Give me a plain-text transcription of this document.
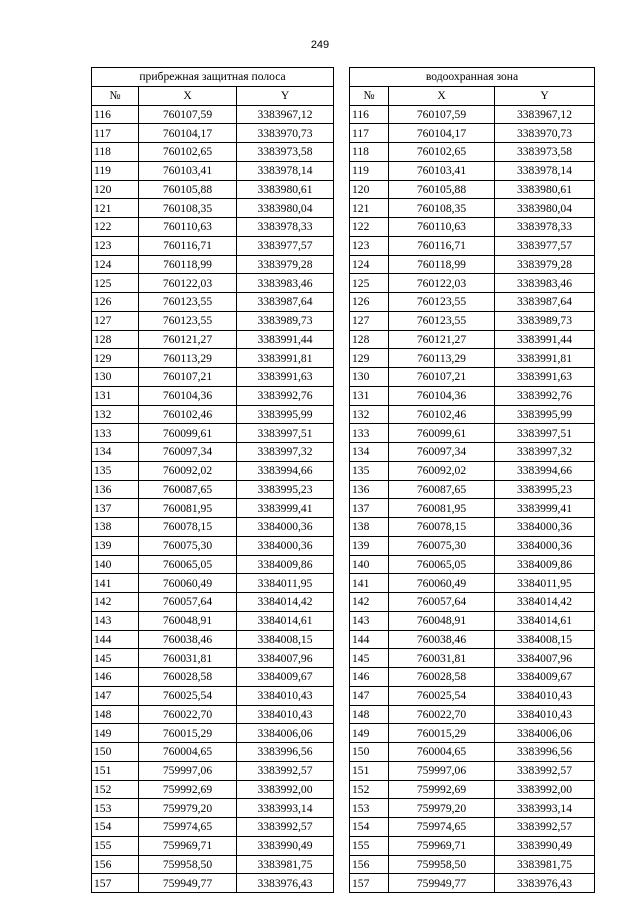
249
прибрежная защитная полоса		
№	X	Y
116	760107,59	3383967,12
117	760104,17	3383970,73
118	760102,65	3383973,58
119	760103,41	3383978,14
120	760105,88	3383980,61
121	760108,35	3383980,04
122	760110,63	3383978,33
123	760116,71	3383977,57
124	760118,99	3383979,28
125	760122,03	3383983,46
126	760123,55	3383987,64
127	760123,55	3383989,73
128	760121,27	3383991,44
129	760113,29	3383991,81
130	760107,21	3383991,63
131	760104,36	3383992,76
132	760102,46	3383995,99
133	760099,61	3383997,51
134	760097,34	3383997,32
135	760092,02	3383994,66
136	760087,65	3383995,23
137	760081,95	3383999,41
138	760078,15	3384000,36
139	760075,30	3384000,36
140	760065,05	3384009,86
141	760060,49	3384011,95
142	760057,64	3384014,42
143	760048,91	3384014,61
144	760038,46	3384008,15
145	760031,81	3384007,96
146	760028,58	3384009,67
147	760025,54	3384010,43
148	760022,70	3384010,43
149	760015,29	3384006,06
150	760004,65	3383996,56
151	759997,06	3383992,57
152	759992,69	3383992,00
153	759979,20	3383993,14
154	759974,65	3383992,57
155	759969,71	3383990,49
156	759958,50	3383981,75
157	759949,77	3383976,43
водоохранная зона		
№	X	Y
116	760107,59	3383967,12
117	760104,17	3383970,73
118	760102,65	3383973,58
119	760103,41	3383978,14
120	760105,88	3383980,61
121	760108,35	3383980,04
122	760110,63	3383978,33
123	760116,71	3383977,57
124	760118,99	3383979,28
125	760122,03	3383983,46
126	760123,55	3383987,64
127	760123,55	3383989,73
128	760121,27	3383991,44
129	760113,29	3383991,81
130	760107,21	3383991,63
131	760104,36	3383992,76
132	760102,46	3383995,99
133	760099,61	3383997,51
134	760097,34	3383997,32
135	760092,02	3383994,66
136	760087,65	3383995,23
137	760081,95	3383999,41
138	760078,15	3384000,36
139	760075,30	3384000,36
140	760065,05	3384009,86
141	760060,49	3384011,95
142	760057,64	3384014,42
143	760048,91	3384014,61
144	760038,46	3384008,15
145	760031,81	3384007,96
146	760028,58	3384009,67
147	760025,54	3384010,43
148	760022,70	3384010,43
149	760015,29	3384006,06
150	760004,65	3383996,56
151	759997,06	3383992,57
152	759992,69	3383992,00
153	759979,20	3383993,14
154	759974,65	3383992,57
155	759969,71	3383990,49
156	759958,50	3383981,75
157	759949,77	3383976,43
